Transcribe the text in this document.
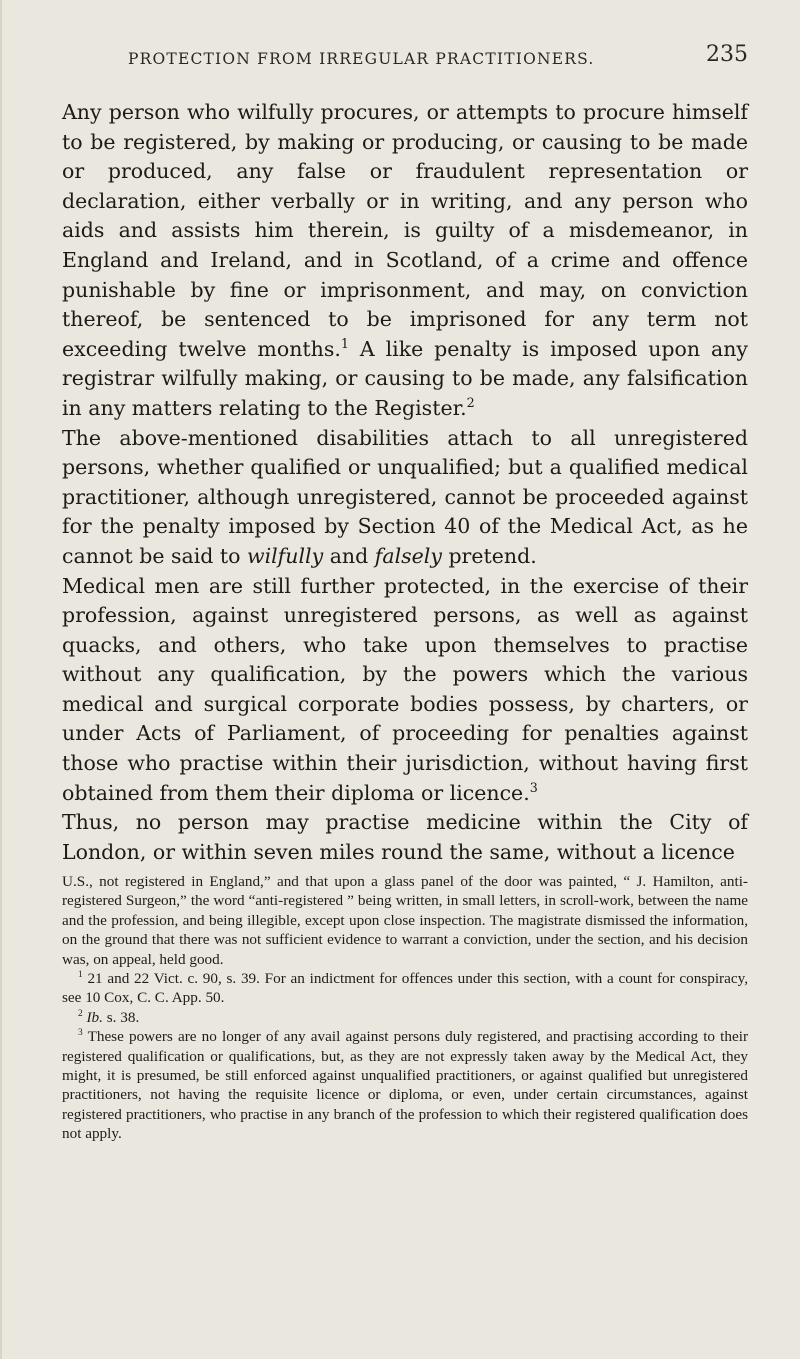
PROTECTION FROM IRREGULAR PRACTITIONERS.	235

Any person who wilfully procures, or attempts to procure himself to be registered, by making or producing, or causing to be made or produced, any false or fraudulent representation or declaration, either verbally or in writing, and any person who aids and assists him therein, is guilty of a misdemeanor, in England and Ireland, and in Scotland, of a crime and offence punishable by fine or imprisonment, and may, on conviction thereof, be sentenced to be imprisoned for any term not exceeding twelve months.$^1$ A like penalty is imposed upon any registrar wilfully making, or causing to be made, any falsification in any matters relating to the Register.$^2$

The above-mentioned disabilities attach to all unregistered persons, whether qualified or unqualified; but a qualified medical practitioner, although unregistered, cannot be proceeded against for the penalty imposed by Section 40 of the Medical Act, as he cannot be said to wilfully and falsely pretend.

Medical men are still further protected, in the exercise of their profession, against unregistered persons, as well as against quacks, and others, who take upon themselves to practise without any qualification, by the powers which the various medical and surgical corporate bodies possess, by charters, or under Acts of Parliament, of proceeding for penalties against those who practise within their jurisdiction, without having first obtained from them their diploma or licence.$^3$

Thus, no person may practise medicine within the City of London, or within seven miles round the same, without a licence

U.S., not registered in England,” and that upon a glass panel of the door was painted, “ J. Hamilton, anti-registered Surgeon,” the word “anti-registered ” being written, in small letters, in scroll-work, between the name and the profession, and being illegible, except upon close inspection. The magistrate dismissed the information, on the ground that there was not sufficient evidence to warrant a conviction, under the section, and his decision was, on appeal, held good.

$^1$ 21 and 22 Vict. c. 90, s. 39. For an indictment for offences under this section, with a count for conspiracy, see 10 Cox, C. C. App. 50.

$^2$ Ib. s. 38.

$^3$ These powers are no longer of any avail against persons duly registered, and practising according to their registered qualification or qualifications, but, as they are not expressly taken away by the Medical Act, they might, it is presumed, be still enforced against unqualified practitioners, or against qualified but unregistered practitioners, not having the requisite licence or diploma, or even, under certain circumstances, against registered practitioners, who practise in any branch of the profession to which their registered qualification does not apply.
